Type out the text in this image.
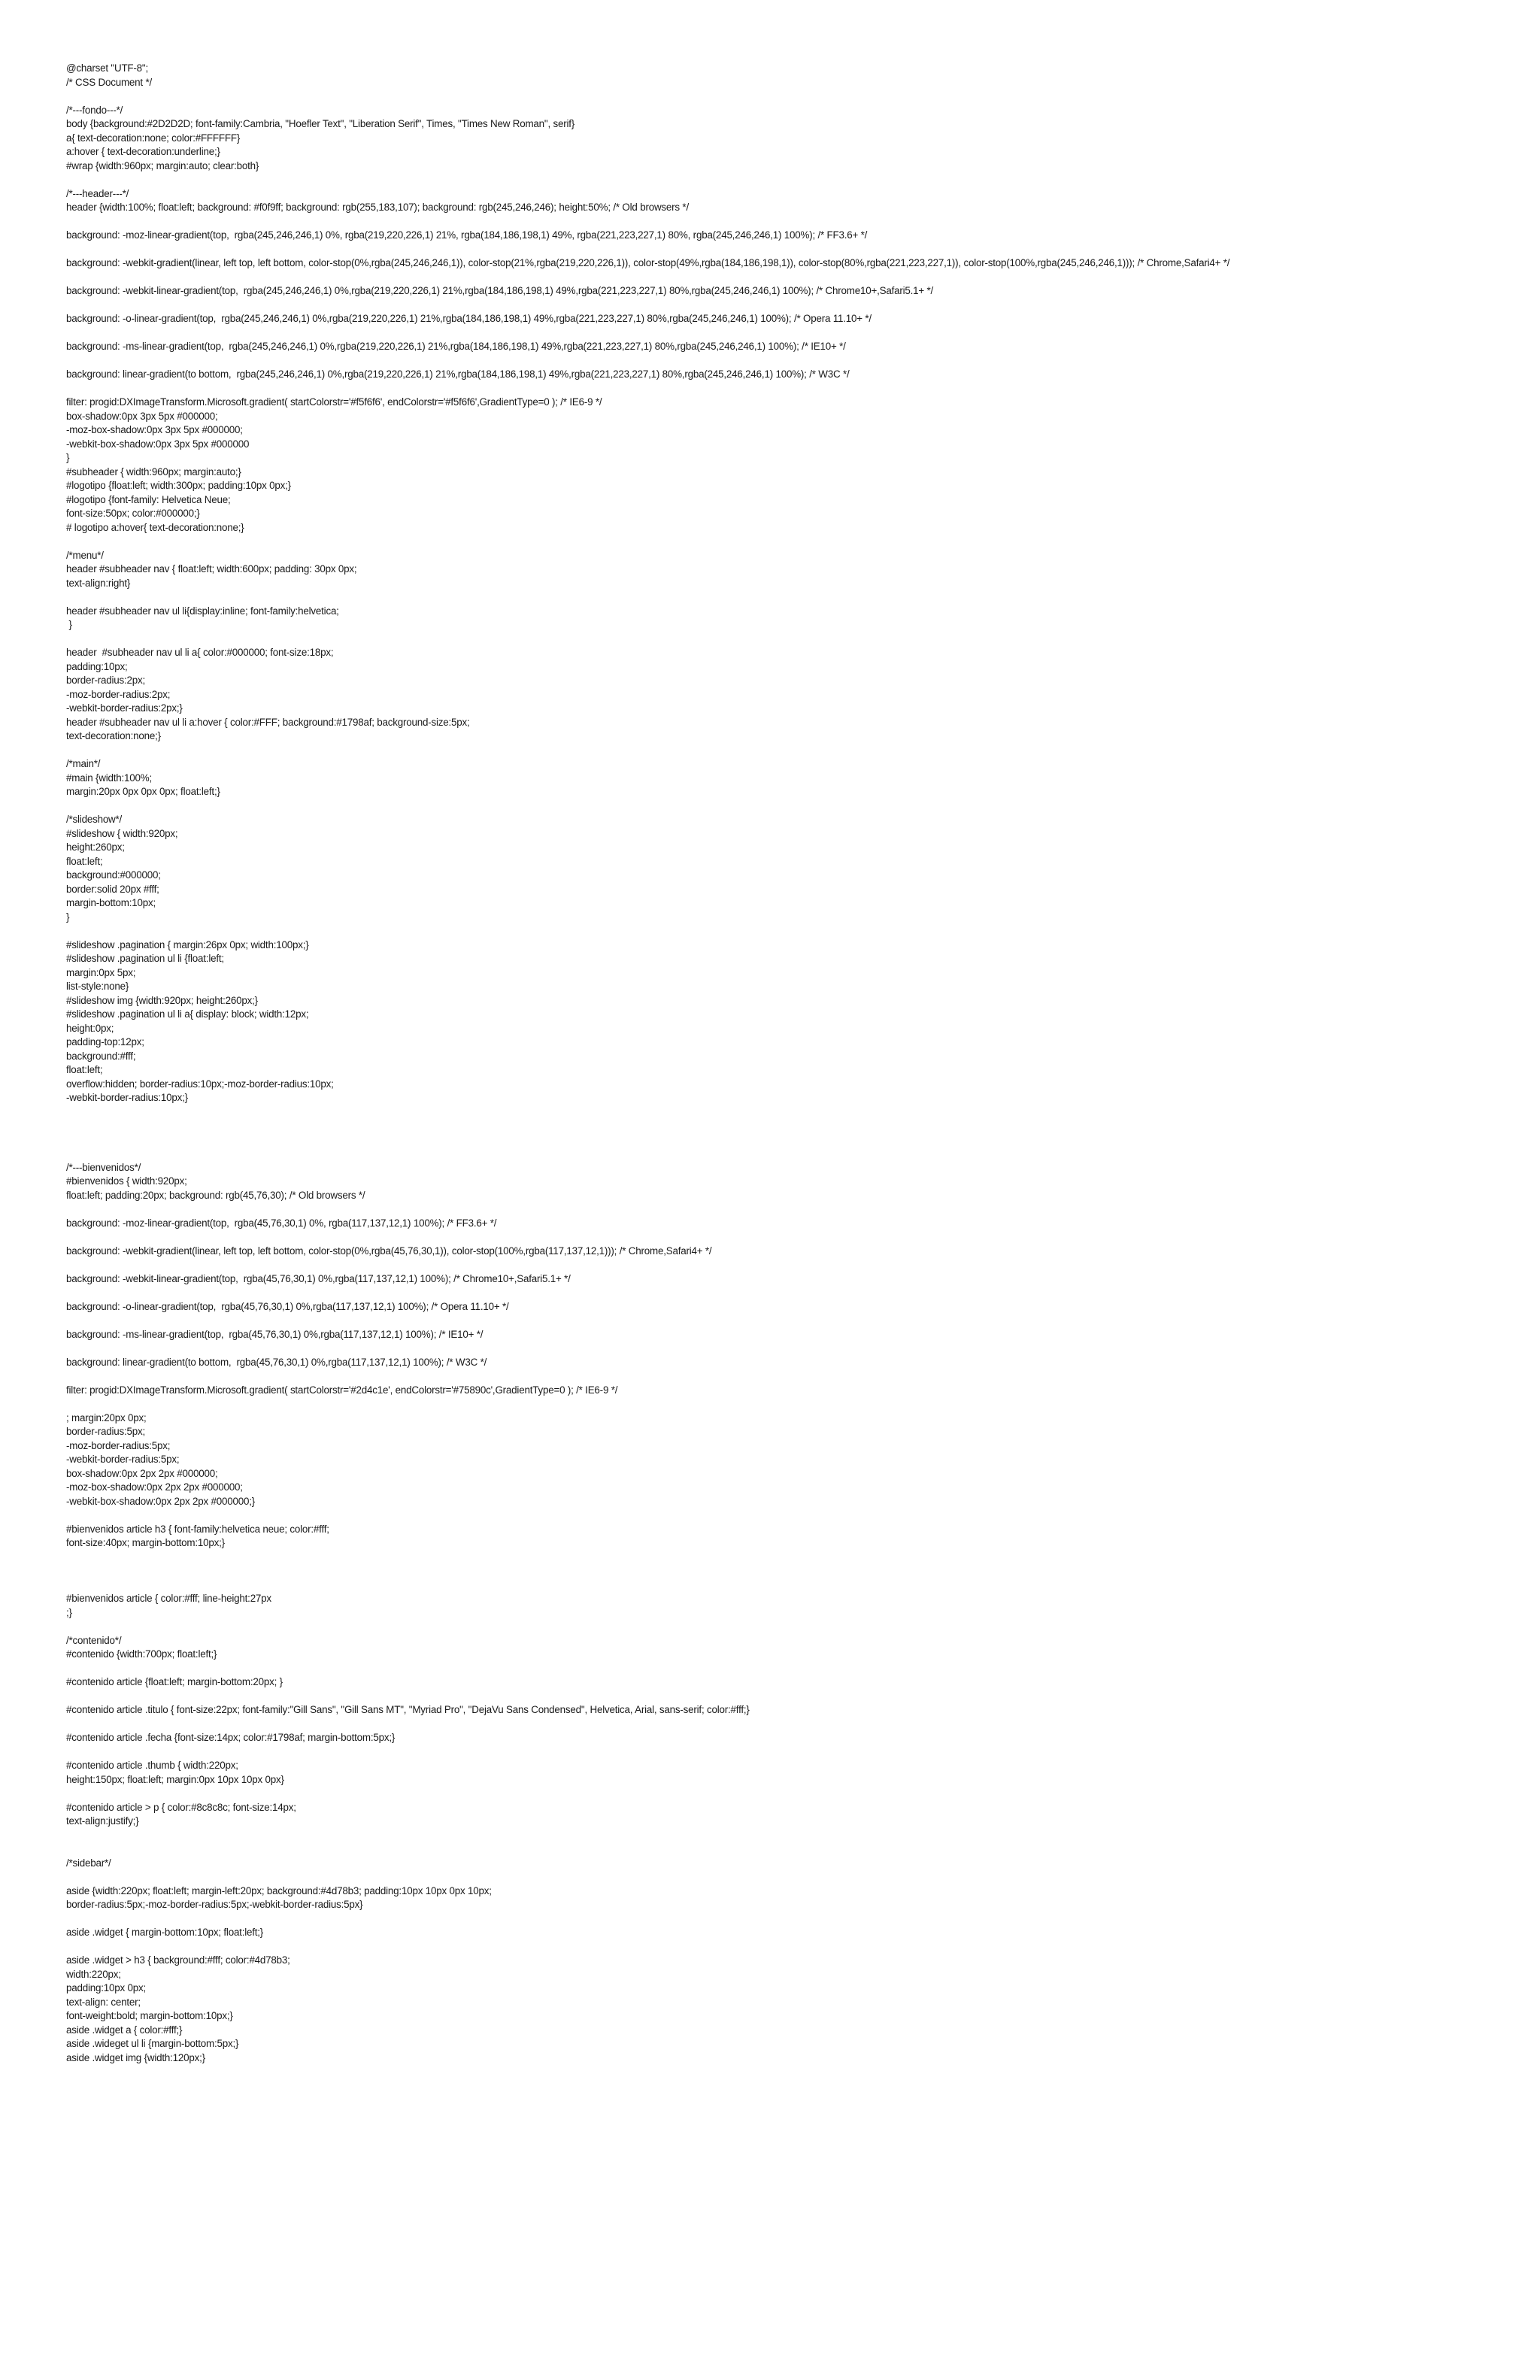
@charset "UTF-8";
/* CSS Document */
/*---fondo---*/
body {background:#2D2D2D; font-family:Cambria, "Hoefler Text", "Liberation Serif", Times, "Times New Roman", serif}
a{ text-decoration:none; color:#FFFFFF}
a:hover { text-decoration:underline;}
#wrap {width:960px; margin:auto; clear:both}
/*---header---*/
header {width:100%; float:left; background: #f0f9ff; background: rgb(255,183,107); background: rgb(245,246,246); height:50%; /* Old browsers */
background: -moz-linear-gradient(top,  rgba(245,246,246,1) 0%, rgba(219,220,226,1) 21%, rgba(184,186,198,1) 49%, rgba(221,223,227,1) 80%, rgba(245,246,246,1) 100%); /* FF3.6+ */
background: -webkit-gradient(linear, left top, left bottom, color-stop(0%,rgba(245,246,246,1)), color-stop(21%,rgba(219,220,226,1)), color-stop(49%,rgba(184,186,198,1)), color-stop(80%,rgba(221,223,227,1)), color-stop(100%,rgba(245,246,246,1))); /* Chrome,Safari4+ */
background: -webkit-linear-gradient(top,  rgba(245,246,246,1) 0%,rgba(219,220,226,1) 21%,rgba(184,186,198,1) 49%,rgba(221,223,227,1) 80%,rgba(245,246,246,1) 100%); /* Chrome10+,Safari5.1+ */
background: -o-linear-gradient(top,  rgba(245,246,246,1) 0%,rgba(219,220,226,1) 21%,rgba(184,186,198,1) 49%,rgba(221,223,227,1) 80%,rgba(245,246,246,1) 100%); /* Opera 11.10+ */
background: -ms-linear-gradient(top,  rgba(245,246,246,1) 0%,rgba(219,220,226,1) 21%,rgba(184,186,198,1) 49%,rgba(221,223,227,1) 80%,rgba(245,246,246,1) 100%); /* IE10+ */
background: linear-gradient(to bottom,  rgba(245,246,246,1) 0%,rgba(219,220,226,1) 21%,rgba(184,186,198,1) 49%,rgba(221,223,227,1) 80%,rgba(245,246,246,1) 100%); /* W3C */
filter: progid:DXImageTransform.Microsoft.gradient( startColorstr='#f5f6f6', endColorstr='#f5f6f6',GradientType=0 ); /* IE6-9 */
box-shadow:0px 3px 5px #000000;
-moz-box-shadow:0px 3px 5px #000000;
-webkit-box-shadow:0px 3px 5px #000000
}
#subheader { width:960px; margin:auto;}
#logotipo {float:left; width:300px; padding:10px 0px;}
#logotipo {font-family: Helvetica Neue;
font-size:50px; color:#000000;}
# logotipo a:hover{ text-decoration:none;}
/*menu*/
header #subheader nav { float:left; width:600px; padding: 30px 0px;
text-align:right}
header #subheader nav ul li{display:inline; font-family:helvetica;
}
header  #subheader nav ul li a{ color:#000000; font-size:18px;
padding:10px;
border-radius:2px;
-moz-border-radius:2px;
-webkit-border-radius:2px;}
header #subheader nav ul li a:hover { color:#FFF; background:#1798af; background-size:5px;
text-decoration:none;}
/*main*/
#main {width:100%;
margin:20px 0px 0px 0px; float:left;}
/*slideshow*/
#slideshow { width:920px;
height:260px;
float:left;
background:#000000;
border:solid 20px #fff;
margin-bottom:10px;
}
#slideshow .pagination { margin:26px 0px; width:100px;}
#slideshow .pagination ul li {float:left;
margin:0px 5px;
list-style:none}
#slideshow img {width:920px; height:260px;}
#slideshow .pagination ul li a{ display: block; width:12px;
height:0px;
padding-top:12px;
background:#fff;
float:left;
overflow:hidden; border-radius:10px;-moz-border-radius:10px;
-webkit-border-radius:10px;}
/*---bienvenidos*/
#bienvenidos { width:920px;
float:left; padding:20px; background: rgb(45,76,30); /* Old browsers */
background: -moz-linear-gradient(top,  rgba(45,76,30,1) 0%, rgba(117,137,12,1) 100%); /* FF3.6+ */
background: -webkit-gradient(linear, left top, left bottom, color-stop(0%,rgba(45,76,30,1)), color-stop(100%,rgba(117,137,12,1))); /* Chrome,Safari4+ */
background: -webkit-linear-gradient(top,  rgba(45,76,30,1) 0%,rgba(117,137,12,1) 100%); /* Chrome10+,Safari5.1+ */
background: -o-linear-gradient(top,  rgba(45,76,30,1) 0%,rgba(117,137,12,1) 100%); /* Opera 11.10+ */
background: -ms-linear-gradient(top,  rgba(45,76,30,1) 0%,rgba(117,137,12,1) 100%); /* IE10+ */
background: linear-gradient(to bottom,  rgba(45,76,30,1) 0%,rgba(117,137,12,1) 100%); /* W3C */
filter: progid:DXImageTransform.Microsoft.gradient( startColorstr='#2d4c1e', endColorstr='#75890c',GradientType=0 ); /* IE6-9 */
; margin:20px 0px;
border-radius:5px;
-moz-border-radius:5px;
-webkit-border-radius:5px;
box-shadow:0px 2px 2px #000000;
-moz-box-shadow:0px 2px 2px #000000;
-webkit-box-shadow:0px 2px 2px #000000;}
#bienvenidos article h3 { font-family:helvetica neue; color:#fff;
font-size:40px; margin-bottom:10px;}
#bienvenidos article { color:#fff; line-height:27px
;}
/*contenido*/
#contenido {width:700px; float:left;}
#contenido article {float:left; margin-bottom:20px; }
#contenido article .titulo { font-size:22px; font-family:"Gill Sans", "Gill Sans MT", "Myriad Pro", "DejaVu Sans Condensed", Helvetica, Arial, sans-serif; color:#fff;}
#contenido article .fecha {font-size:14px; color:#1798af; margin-bottom:5px;}
#contenido article .thumb { width:220px;
height:150px; float:left; margin:0px 10px 10px 0px}
#contenido article > p { color:#8c8c8c; font-size:14px;
text-align:justify;}
/*sidebar*/
aside {width:220px; float:left; margin-left:20px; background:#4d78b3; padding:10px 10px 0px 10px;
border-radius:5px;-moz-border-radius:5px;-webkit-border-radius:5px}
aside .widget { margin-bottom:10px; float:left;}
aside .widget > h3 { background:#fff; color:#4d78b3;
width:220px;
padding:10px 0px;
text-align: center;
font-weight:bold; margin-bottom:10px;}
aside .widget a { color:#fff;}
aside .wideget ul li {margin-bottom:5px;}
aside .widget img {width:120px;}
